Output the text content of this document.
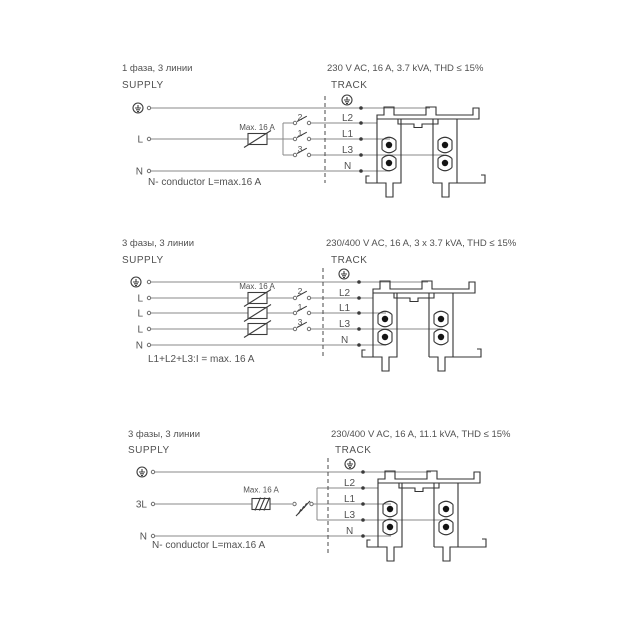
1 фаза, 3 линии	230 V AC, 16 A, 3.7 kVA, THD ≤ 15%
SUPPLY	TRACK
Max. 16 A
2
1
3
L
N
L2
L1
L3
N
N- conductor L=max.16 A
3 фазы, 3 линии	230/400 V AC, 16 A, 3 x 3.7 kVA, THD ≤ 15%
SUPPLY	TRACK
Max. 16 A	2
1
3
L
L
L
N
L2
L1
L3
N
L1+L2+L3:I = max. 16 A
3 фазы, 3 линии	230/400 V AC, 16 A, 11.1 kVA, THD ≤ 15%
SUPPLY	TRACK
Max. 16 A
3L
N
L2
L1
L3
N
N- conductor L=max.16 A
